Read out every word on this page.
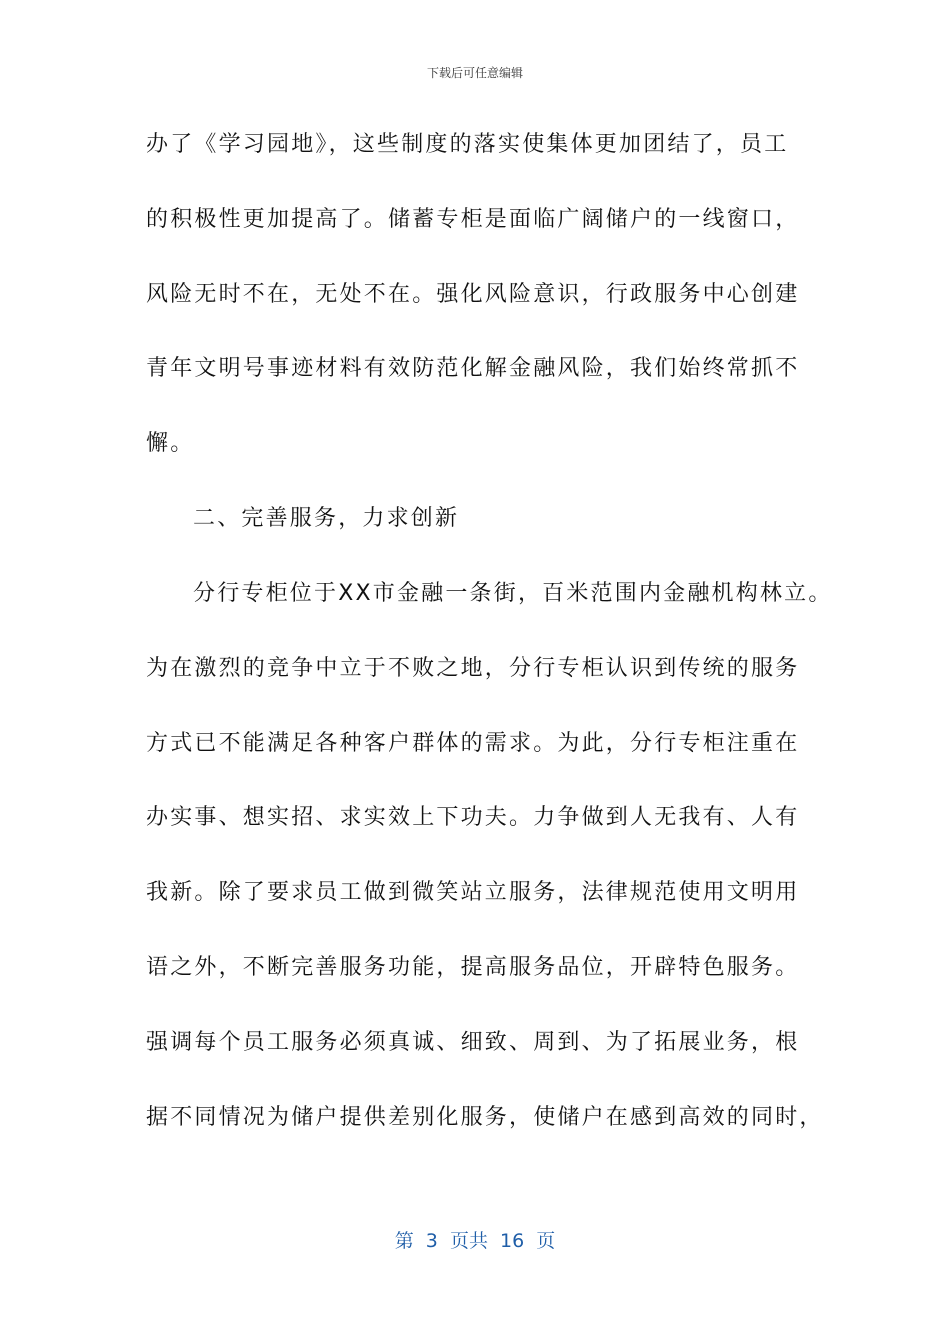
下载后可任意编辑
办了《学习园地》，这些制度的落实使集体更加团结了，员工
的积极性更加提高了。储蓄专柜是面临广阔储户的一线窗口，
风险无时不在，无处不在。强化风险意识，行政服务中心创建
青年文明号事迹材料有效防范化解金融风险，我们始终常抓不
懈。
二、完善服务，力求创新
分行专柜位于XX市金融一条街，百米范围内金融机构林立。
为在激烈的竞争中立于不败之地，分行专柜认识到传统的服务
方式已不能满足各种客户群体的需求。为此，分行专柜注重在
办实事、想实招、求实效上下功夫。力争做到人无我有、人有
我新。除了要求员工做到微笑站立服务，法律规范使用文明用
语之外，不断完善服务功能，提高服务品位，开辟特色服务。
强调每个员工服务必须真诚、细致、周到、为了拓展业务，根
据不同情况为储户提供差别化服务，使储户在感到高效的同时，
第  3  页共  16  页
